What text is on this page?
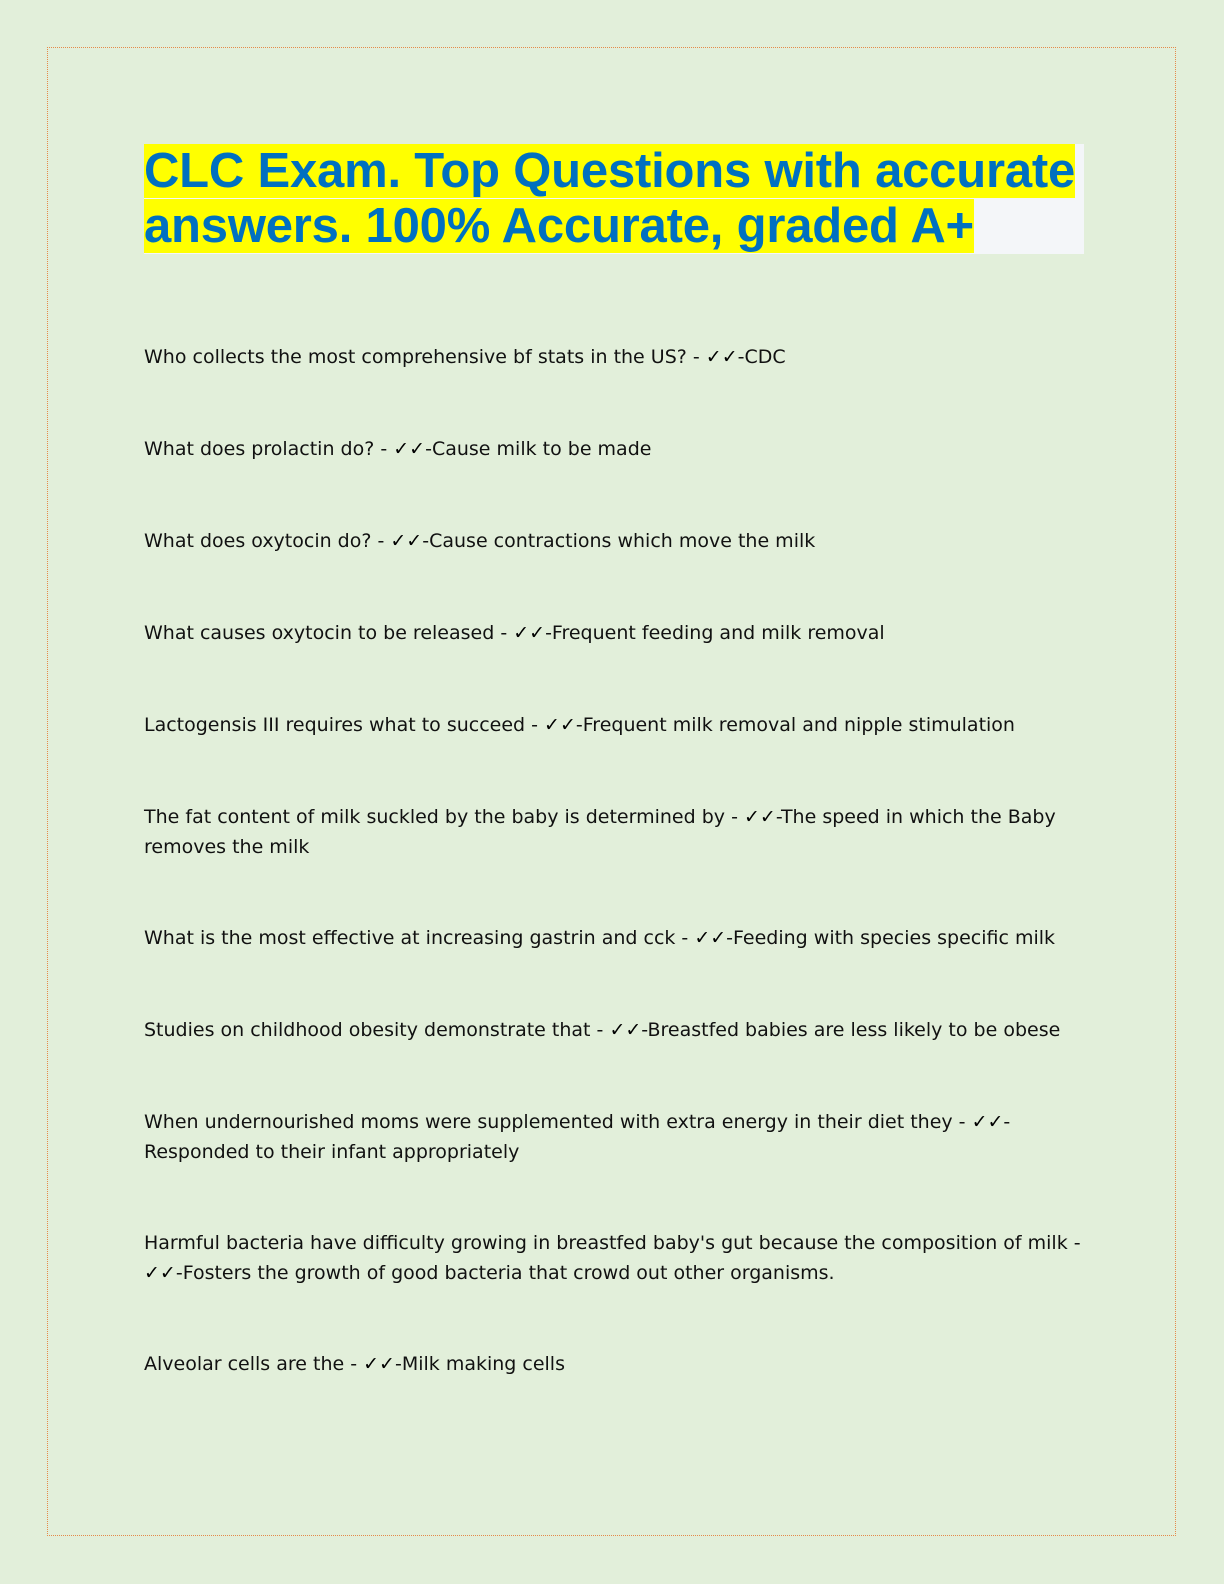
CLC Exam. Top Questions with accurate answers. 100% Accurate, graded A+

Who collects the most comprehensive bf stats in the US? - ✓✓-CDC

What does prolactin do? - ✓✓-Cause milk to be made

What does oxytocin do? - ✓✓-Cause contractions which move the milk

What causes oxytocin to be released - ✓✓-Frequent feeding and milk removal

Lactogensis III requires what to succeed - ✓✓-Frequent milk removal and nipple stimulation

The fat content of milk suckled by the baby is determined by - ✓✓-The speed in which the Baby removes the milk

What is the most effective at increasing gastrin and cck - ✓✓-Feeding with species specific milk

Studies on childhood obesity demonstrate that - ✓✓-Breastfed babies are less likely to be obese

When undernourished moms were supplemented with extra energy in their diet they - ✓✓-Responded to their infant appropriately

Harmful bacteria have difficulty growing in breastfed baby's gut because the composition of milk - ✓✓-Fosters the growth of good bacteria that crowd out other organisms.

Alveolar cells are the - ✓✓-Milk making cells
